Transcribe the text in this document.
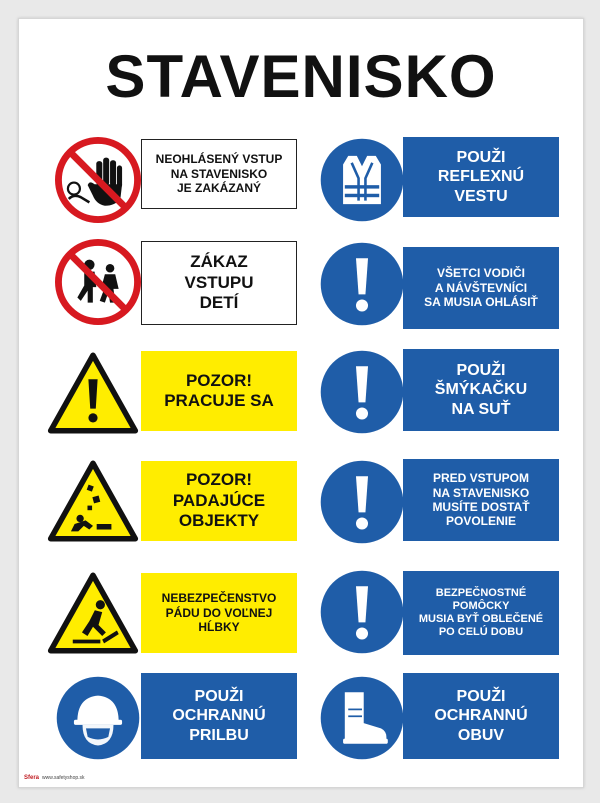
STAVENISKO
NEOHLÁSENÝ VSTUP
NA STAVENISKO
JE ZAKÁZANÝ
POUŽI
REFLEXNÚ
VESTU
ZÁKAZ
VSTUPU
DETÍ
VŠETCI VODIČI
A NÁVŠTEVNÍCI
SA MUSIA OHLÁSIŤ
POZOR!
PRACUJE SA
POUŽI
ŠMÝKAČKU
NA SUŤ
POZOR!
PADAJÚCE
OBJEKTY
PRED VSTUPOM
NA STAVENISKO
MUSÍTE DOSTAŤ
POVOLENIE
NEBEZPEČENSTVO
PÁDU DO VOĽNEJ
HĹBKY
BEZPEČNOSTNÉ
POMÔCKY
MUSIA BYŤ OBLEČENÉ
PO CELÚ DOBU
POUŽI
OCHRANNÚ
PRILBU
POUŽI
OCHRANNÚ
OBUV
Sfera www.safetyshop.sk
